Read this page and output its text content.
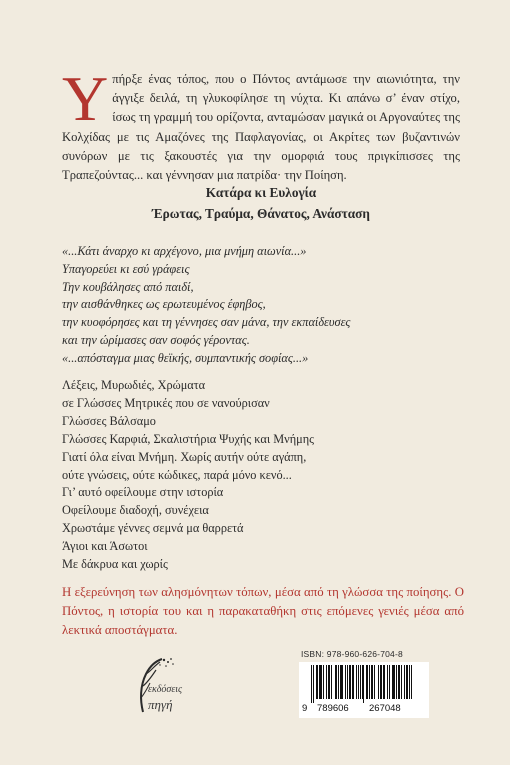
Υπήρξε ένας τόπος, που ο Πόντος αντάμωσε την αιωνιότητα, την άγγιξε δειλά, τη γλυκοφίλησε τη νύχτα. Κι απάνω σ’ έναν στίχο, ίσως τη γραμμή του ορίζοντα, ανταμώσαν μαγικά οι Αργοναύτες της Κολχίδας με τις Αμαζόνες της Παφλαγονίας, οι Ακρίτες των βυζαντινών συνόρων με τις ξακουστές για την ομορφιά τους πριγκίπισσες της Τραπεζούντας... και γέννησαν μια πατρίδα· την Ποίηση.
Κατάρα κι Ευλογία
Έρωτας, Τραύμα, Θάνατος, Ανάσταση
«...Κάτι άναρχο κι αρχέγονο, μια μνήμη αιωνία...»
Υπαγορεύει κι εσύ γράφεις
Την κουβάλησες από παιδί,
την αισθάνθηκες ως ερωτευμένος έφηβος,
την κυοφόρησες και τη γέννησες σαν μάνα, την εκπαίδευσες
και την ώρίμασες σαν σοφός γέροντας.
«...απόσταγμα μιας θεϊκής, συμπαντικής σοφίας...»
Λέξεις, Μυρωδιές, Χρώματα
σε Γλώσσες Μητρικές που σε νανούρισαν
Γλώσσες Βάλσαμο
Γλώσσες Καρφιά, Σκαλιστήρια Ψυχής και Μνήμης
Γιατί όλα είναι Μνήμη. Χωρίς αυτήν ούτε αγάπη,
ούτε γνώσεις, ούτε κώδικες, παρά μόνο κενό...
Γι’ αυτό οφείλουμε στην ιστορία
Οφείλουμε διαδοχή, συνέχεια
Χρωστάμε γέννες σεμνά μα θαρρετά
Άγιοι και Άσωτοι
Με δάκρυα και χωρίς
Η εξερεύνηση των αλησμόνητων τόπων, μέσα από τη γλώσσα της ποίησης. Ο Πόντος, η ιστορία του και η παρακαταθήκη στις επόμενες γενιές μέσα από λεκτικά αποστάγματα.
εκδόσεις
πηγή
ISBN: 978-960-626-704-8
9 789606 267048
